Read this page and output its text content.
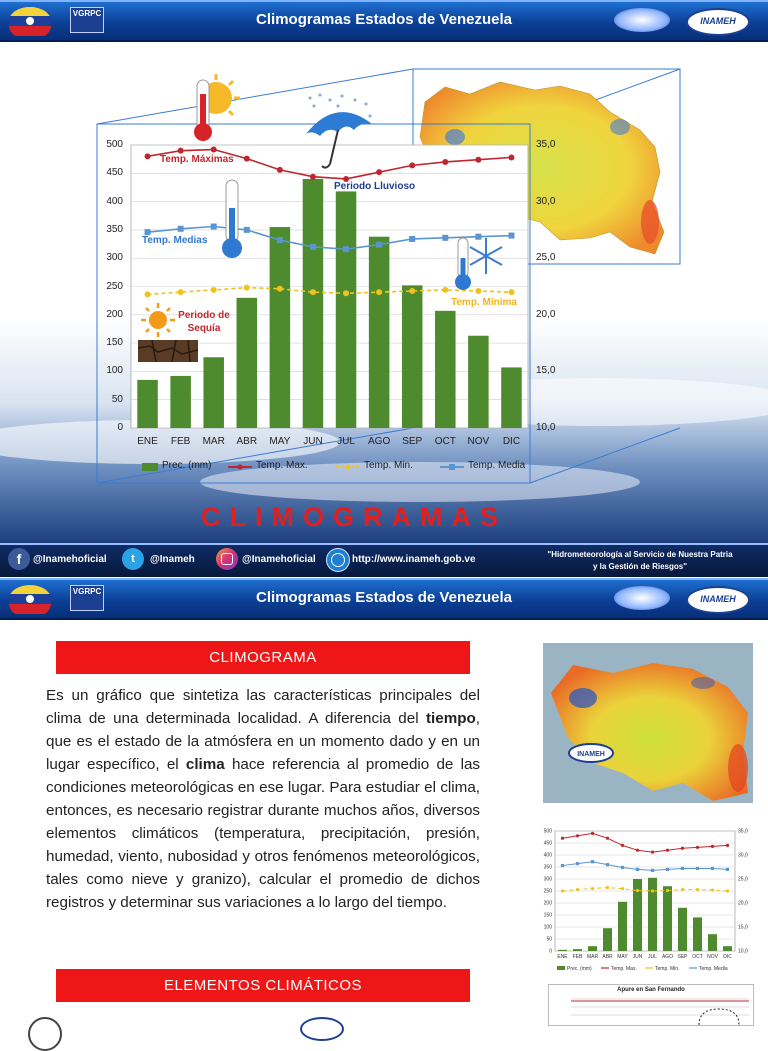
VGRPC	Climogramas Estados de Venezuela	INAMEH
0
50
100
150
200
250
300
350
400
450
500
10,0
15,0
20,0
25,0
30,0
35,0
ENE	FEB	MAR	ABR	MAY	JUN	JUL	AGO	SEP	OCT	NOV	DIC
Temp. Máximas
Periodo Lluvioso
Temp. Medias
Temp. Mínima
Periodo de Sequía
Prec. (mm)	Temp. Max.	Temp. Min.	Temp. Media
CLIMOGRAMAS
f	@Inamehoficial	t	@Inameh	@Inamehoficial	http://www.inameh.gob.ve	"Hidrometeorología al Servicio de Nuestra Patria
y la Gestión de Riesgos"
VGRPC	Climogramas Estados de Venezuela	INAMEH
CLIMOGRAMA
Es un gráfico que sintetiza las características principales del clima de una determinada localidad. A diferencia del tiempo, que es el estado de la atmósfera en un momento dado y en un lugar específico, el clima hace referencia al promedio de las condiciones meteorológicas en ese lugar. Para estudiar el clima, entonces, es necesario registrar durante muchos años, diversos elementos climáticos (temperatura, precipitación, presión, humedad, viento, nubosidad y otros fenómenos meteorológicos, tales como nieve y granizo), calcular el promedio de dichos registros y determinar sus variaciones a lo largo del tiempo.
ELEMENTOS CLIMÁTICOS
INAMEH
0
50
100
150
200
250
300
350
400
450
500
10,0
15,0
20,0
25,0
30,0
35,0
ENE FEB MAR ABR MAY JUN JUL AGO SEP OCT NOV DIC
Prec. (mm)	Temp. Max.	Temp. Min.	Temp. Media
Apure en San Fernando
